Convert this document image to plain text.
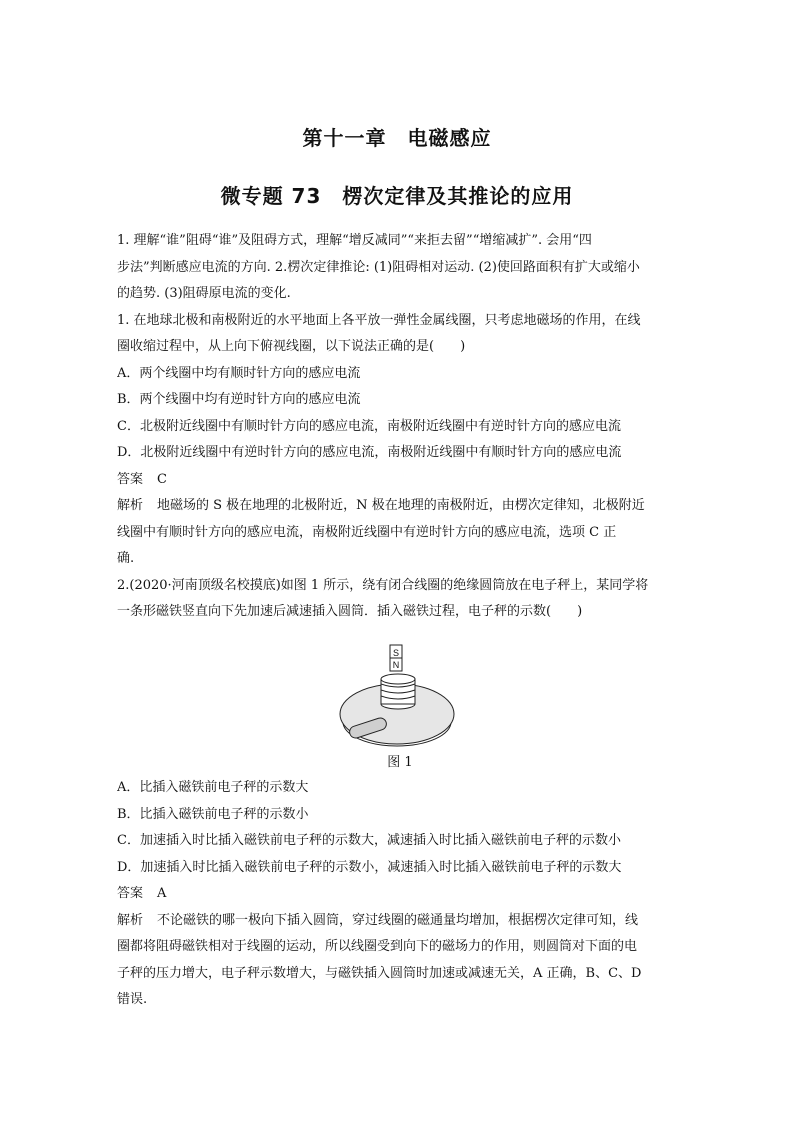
第十一章　电磁感应
微专题 73　楞次定律及其推论的应用
1. 理解“谁”阻碍“谁”及阻碍方式，理解“增反减同”“来拒去留”“增缩减扩”. 会用“四
步法”判断感应电流的方向. 2.楞次定律推论: (1)阻碍相对运动. (2)使回路面积有扩大或缩小
的趋势. (3)阻碍原电流的变化.
1. 在地球北极和南极附近的水平地面上各平放一弹性金属线圈，只考虑地磁场的作用，在线
圈收缩过程中，从上向下俯视线圈，以下说法正确的是(　　)
A．两个线圈中均有顺时针方向的感应电流
B．两个线圈中均有逆时针方向的感应电流
C．北极附近线圈中有顺时针方向的感应电流，南极附近线圈中有逆时针方向的感应电流
D．北极附近线圈中有逆时针方向的感应电流，南极附近线圈中有顺时针方向的感应电流
答案 C
解析 地磁场的 S 极在地理的北极附近，N 极在地理的南极附近，由楞次定律知，北极附近
线圈中有顺时针方向的感应电流，南极附近线圈中有逆时针方向的感应电流，选项 C 正
确.
2.(2020·河南顶级名校摸底)如图 1 所示，绕有闭合线圈的绝缘圆筒放在电子秤上，某同学将
一条形磁铁竖直向下先加速后减速插入圆筒．插入磁铁过程，电子秤的示数(　　)
S
N
图 1
A．比插入磁铁前电子秤的示数大
B．比插入磁铁前电子秤的示数小
C．加速插入时比插入磁铁前电子秤的示数大，减速插入时比插入磁铁前电子秤的示数小
D．加速插入时比插入磁铁前电子秤的示数小，减速插入时比插入磁铁前电子秤的示数大
答案 A
解析 不论磁铁的哪一极向下插入圆筒，穿过线圈的磁通量均增加，根据楞次定律可知，线
圈都将阻碍磁铁相对于线圈的运动，所以线圈受到向下的磁场力的作用，则圆筒对下面的电
子秤的压力增大，电子秤示数增大，与磁铁插入圆筒时加速或减速无关，A 正确，B、C、D
错误.
